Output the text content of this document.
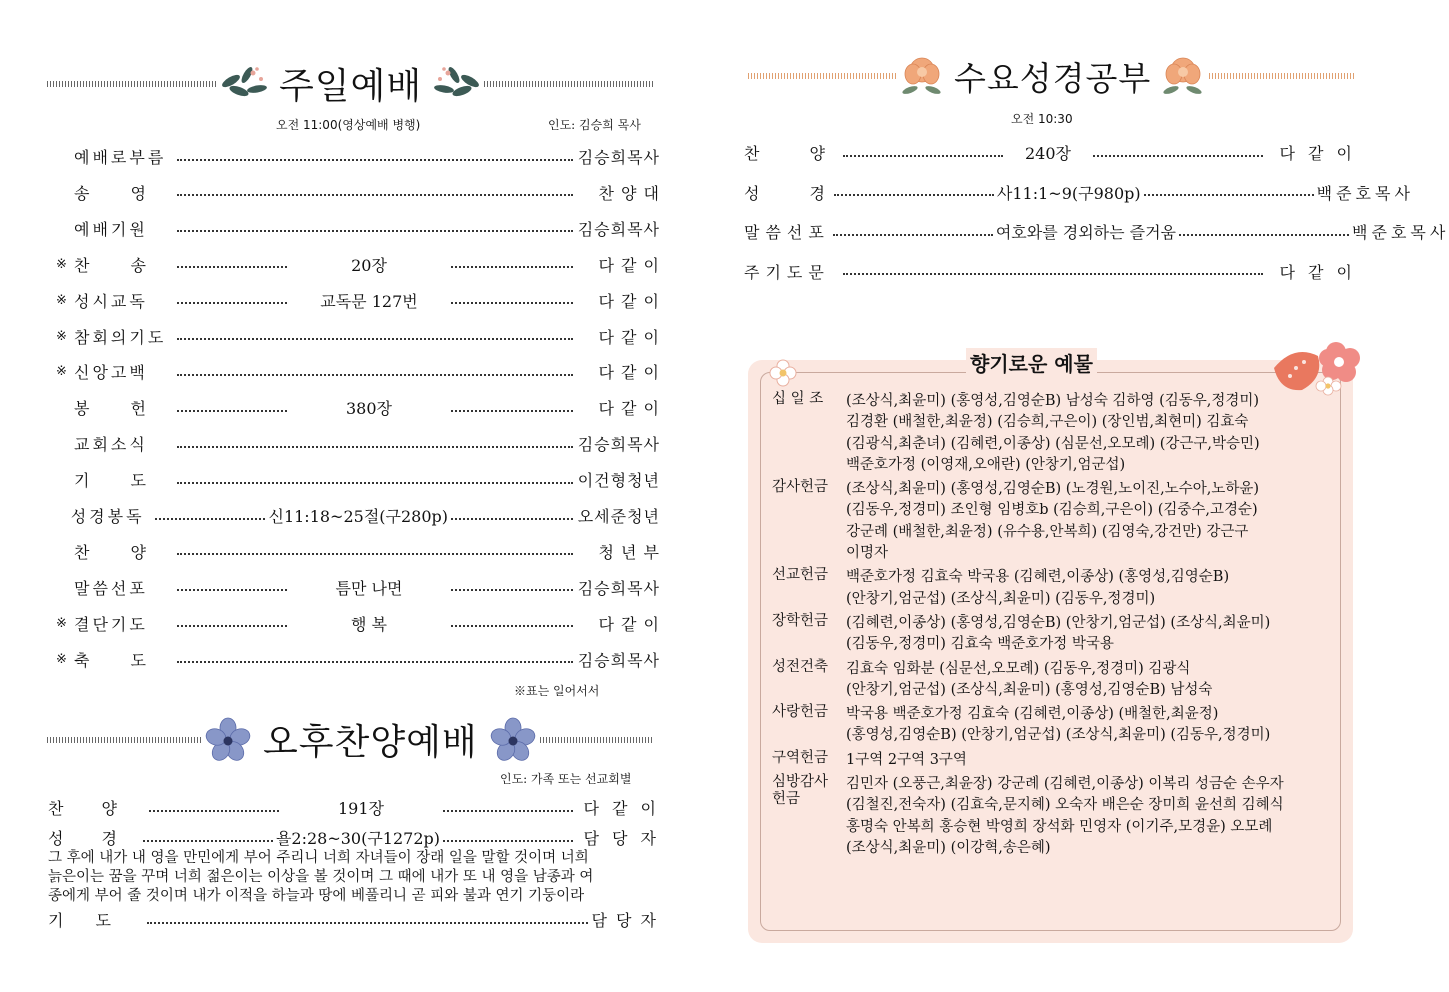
주일예배
오전 11:00(영상예배 병행)	인도: 김승희 목사
예배로부름	김승희목사
송　　영	찬 양 대
예배기원	김승희목사
※ 찬　　송	20장	다 같 이
※ 성시교독	교독문 127번	다 같 이
※ 참회의기도	다 같 이
※ 신앙고백	다 같 이
봉　　헌	380장	다 같 이
교회소식	김승희목사
기　　도	이건형청년
성경봉독	신11:18~25절(구280p)	오세준청년
찬　　양	청 년 부
말씀선포	틈만 나면	김승희목사
※ 결단기도	행 복	다 같 이
※ 축　　도	김승희목사
※표는 일어서서
오후찬양예배
인도: 가족 또는 선교회별
찬　　양	191장	다 같 이
성　　경	욜2:28~30(구1272p)	담 당 자
그 후에 내가 내 영을 만민에게 부어 주리니 너희 자녀들이 장래 일을 말할 것이며 너희
늙은이는 꿈을 꾸며 너희 젊은이는 이상을 볼 것이며 그 때에 내가 또 내 영을 남종과 여
종에게 부어 줄 것이며 내가 이적을 하늘과 땅에 베풀리니 곧 피와 불과 연기 기둥이라
기　　도	담 당 자
수요성경공부
오전 10:30
찬　　양	240장	다 같 이
성　　경	사11:1~9(구980p)	백준호목사
말씀선포	여호와를 경외하는 즐거움	백준호목사
주기도문	다 같 이
향기로운 예물
십 일 조	(조상식,최윤미) (홍영성,김영순B) 남성숙 김하영 (김동우,정경미)
김경환 (배철한,최윤정) (김승희,구은이) (장인범,최현미) 김효숙
(김광식,최춘녀) (김혜련,이종상) (심문선,오모례) (강근구,박승민)
백준호가정 (이영재,오애란) (안창기,엄군섭)
감사헌금	(조상식,최윤미) (홍영성,김영순B) (노경원,노이진,노수아,노하윤)
(김동우,정경미) 조인형 임병호b (김승희,구은이) (김중수,고경순)
강군례 (배철한,최윤정) (유수용,안복희) (김영숙,강건만) 강근구
이명자
선교헌금	백준호가정 김효숙 박국용 (김혜련,이종상) (홍영성,김영순B)
(안창기,엄군섭) (조상식,최윤미) (김동우,정경미)
장학헌금	(김혜련,이종상) (홍영성,김영순B) (안창기,엄군섭) (조상식,최윤미)
(김동우,정경미) 김효숙 백준호가정 박국용
성전건축	김효숙 임화분 (심문선,오모례) (김동우,정경미) 김광식
(안창기,엄군섭) (조상식,최윤미) (홍영성,김영순B) 남성숙
사랑헌금	박국용 백준호가정 김효숙 (김혜련,이종상) (배철한,최윤정)
(홍영성,김영순B) (안창기,엄군섭) (조상식,최윤미) (김동우,정경미)
구역헌금	1구역 2구역 3구역
심방감사
헌금
김민자 (오풍근,최윤장) 강군례 (김혜련,이종상) 이복리 성금순 손우자
(김철진,전숙자) (김효숙,문지혜) 오숙자 배은순 장미희 윤선희 김혜식
홍명숙 안복희 홍승현 박영희 장석화 민영자 (이기주,모경윤) 오모례
(조상식,최윤미) (이강혁,송은혜)
